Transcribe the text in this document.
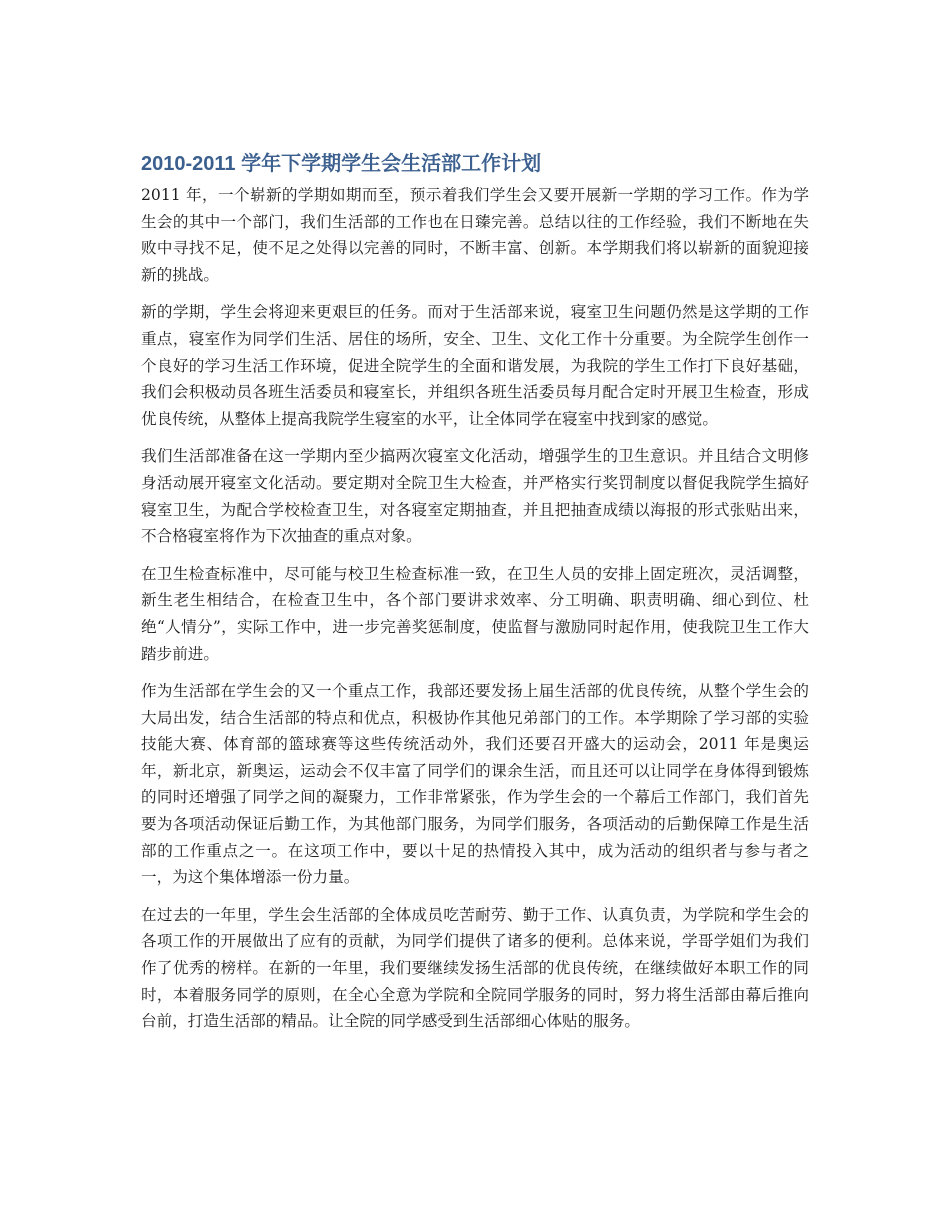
2010-2011 学年下学期学生会生活部工作计划

2011 年，一个崭新的学期如期而至，预示着我们学生会又要开展新一学期的学习工作。作为学生会的其中一个部门，我们生活部的工作也在日臻完善。总结以往的工作经验，我们不断地在失败中寻找不足，使不足之处得以完善的同时，不断丰富、创新。本学期我们将以崭新的面貌迎接新的挑战。

新的学期，学生会将迎来更艰巨的任务。而对于生活部来说，寝室卫生问题仍然是这学期的工作重点，寝室作为同学们生活、居住的场所，安全、卫生、文化工作十分重要。为全院学生创作一个良好的学习生活工作环境，促进全院学生的全面和谐发展，为我院的学生工作打下良好基础，我们会积极动员各班生活委员和寝室长，并组织各班生活委员每月配合定时开展卫生检查，形成优良传统，从整体上提高我院学生寝室的水平，让全体同学在寝室中找到家的感觉。

我们生活部准备在这一学期内至少搞两次寝室文化活动，增强学生的卫生意识。并且结合文明修身活动展开寝室文化活动。要定期对全院卫生大检查，并严格实行奖罚制度以督促我院学生搞好寝室卫生，为配合学校检查卫生，对各寝室定期抽查，并且把抽查成绩以海报的形式张贴出来，不合格寝室将作为下次抽查的重点对象。

在卫生检查标准中，尽可能与校卫生检查标准一致，在卫生人员的安排上固定班次，灵活调整，新生老生相结合，在检查卫生中，各个部门要讲求效率、分工明确、职责明确、细心到位、杜绝“人情分”，实际工作中，进一步完善奖惩制度，使监督与激励同时起作用，使我院卫生工作大踏步前进。

作为生活部在学生会的又一个重点工作，我部还要发扬上届生活部的优良传统，从整个学生会的大局出发，结合生活部的特点和优点，积极协作其他兄弟部门的工作。本学期除了学习部的实验技能大赛、体育部的篮球赛等这些传统活动外，我们还要召开盛大的运动会，2011 年是奥运年，新北京，新奥运，运动会不仅丰富了同学们的课余生活，而且还可以让同学在身体得到锻炼的同时还增强了同学之间的凝聚力，工作非常紧张，作为学生会的一个幕后工作部门，我们首先要为各项活动保证后勤工作，为其他部门服务，为同学们服务，各项活动的后勤保障工作是生活部的工作重点之一。在这项工作中，要以十足的热情投入其中，成为活动的组织者与参与者之一，为这个集体增添一份力量。

在过去的一年里，学生会生活部的全体成员吃苦耐劳、勤于工作、认真负责，为学院和学生会的各项工作的开展做出了应有的贡献，为同学们提供了诸多的便利。总体来说，学哥学姐们为我们作了优秀的榜样。在新的一年里，我们要继续发扬生活部的优良传统，在继续做好本职工作的同时，本着服务同学的原则，在全心全意为学院和全院同学服务的同时，努力将生活部由幕后推向台前，打造生活部的精品。让全院的同学感受到生活部细心体贴的服务。
